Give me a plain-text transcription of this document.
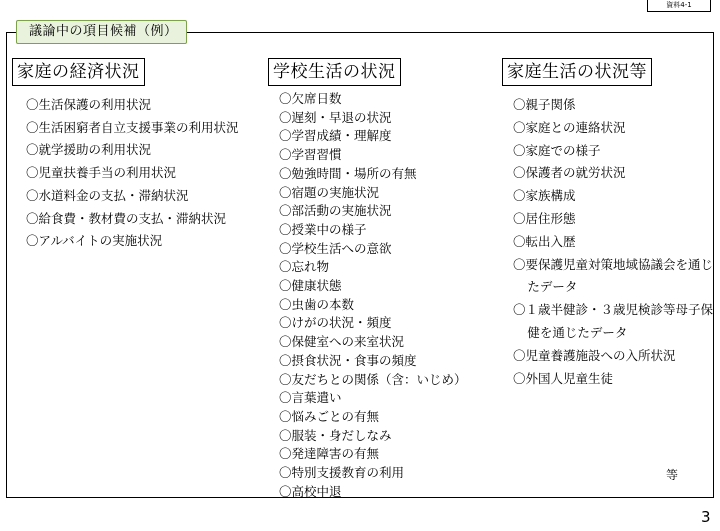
資料4-1
議論中の項目候補（例）
家庭の経済状況
〇生活保護の利用状況
〇生活困窮者自立支援事業の利用状況
〇就学援助の利用状況
〇児童扶養手当の利用状況
〇水道料金の支払・滞納状況
〇給食費・教材費の支払・滞納状況
〇アルバイトの実施状況
学校生活の状況
〇欠席日数
〇遅刻・早退の状況
〇学習成績・理解度
〇学習習慣
〇勉強時間・場所の有無
〇宿題の実施状況
〇部活動の実施状況
〇授業中の様子
〇学校生活への意欲
〇忘れ物
〇健康状態
〇虫歯の本数
〇けがの状況・頻度
〇保健室への来室状況
〇摂食状況・食事の頻度
〇友だちとの関係（含：いじめ）
〇言葉遣い
〇悩みごとの有無
〇服装・身だしなみ
〇発達障害の有無
〇特別支援教育の利用
〇高校中退
家庭生活の状況等
〇親子関係
〇家庭との連絡状況
〇家庭での様子
〇保護者の就労状況
〇家族構成
〇居住形態
〇転出入歴
〇要保護児童対策地域協議会を通じたデータ
〇１歳半健診・３歳児検診等母子保健を通じたデータ
〇児童養護施設への入所状況
〇外国人児童生徒
等
3
